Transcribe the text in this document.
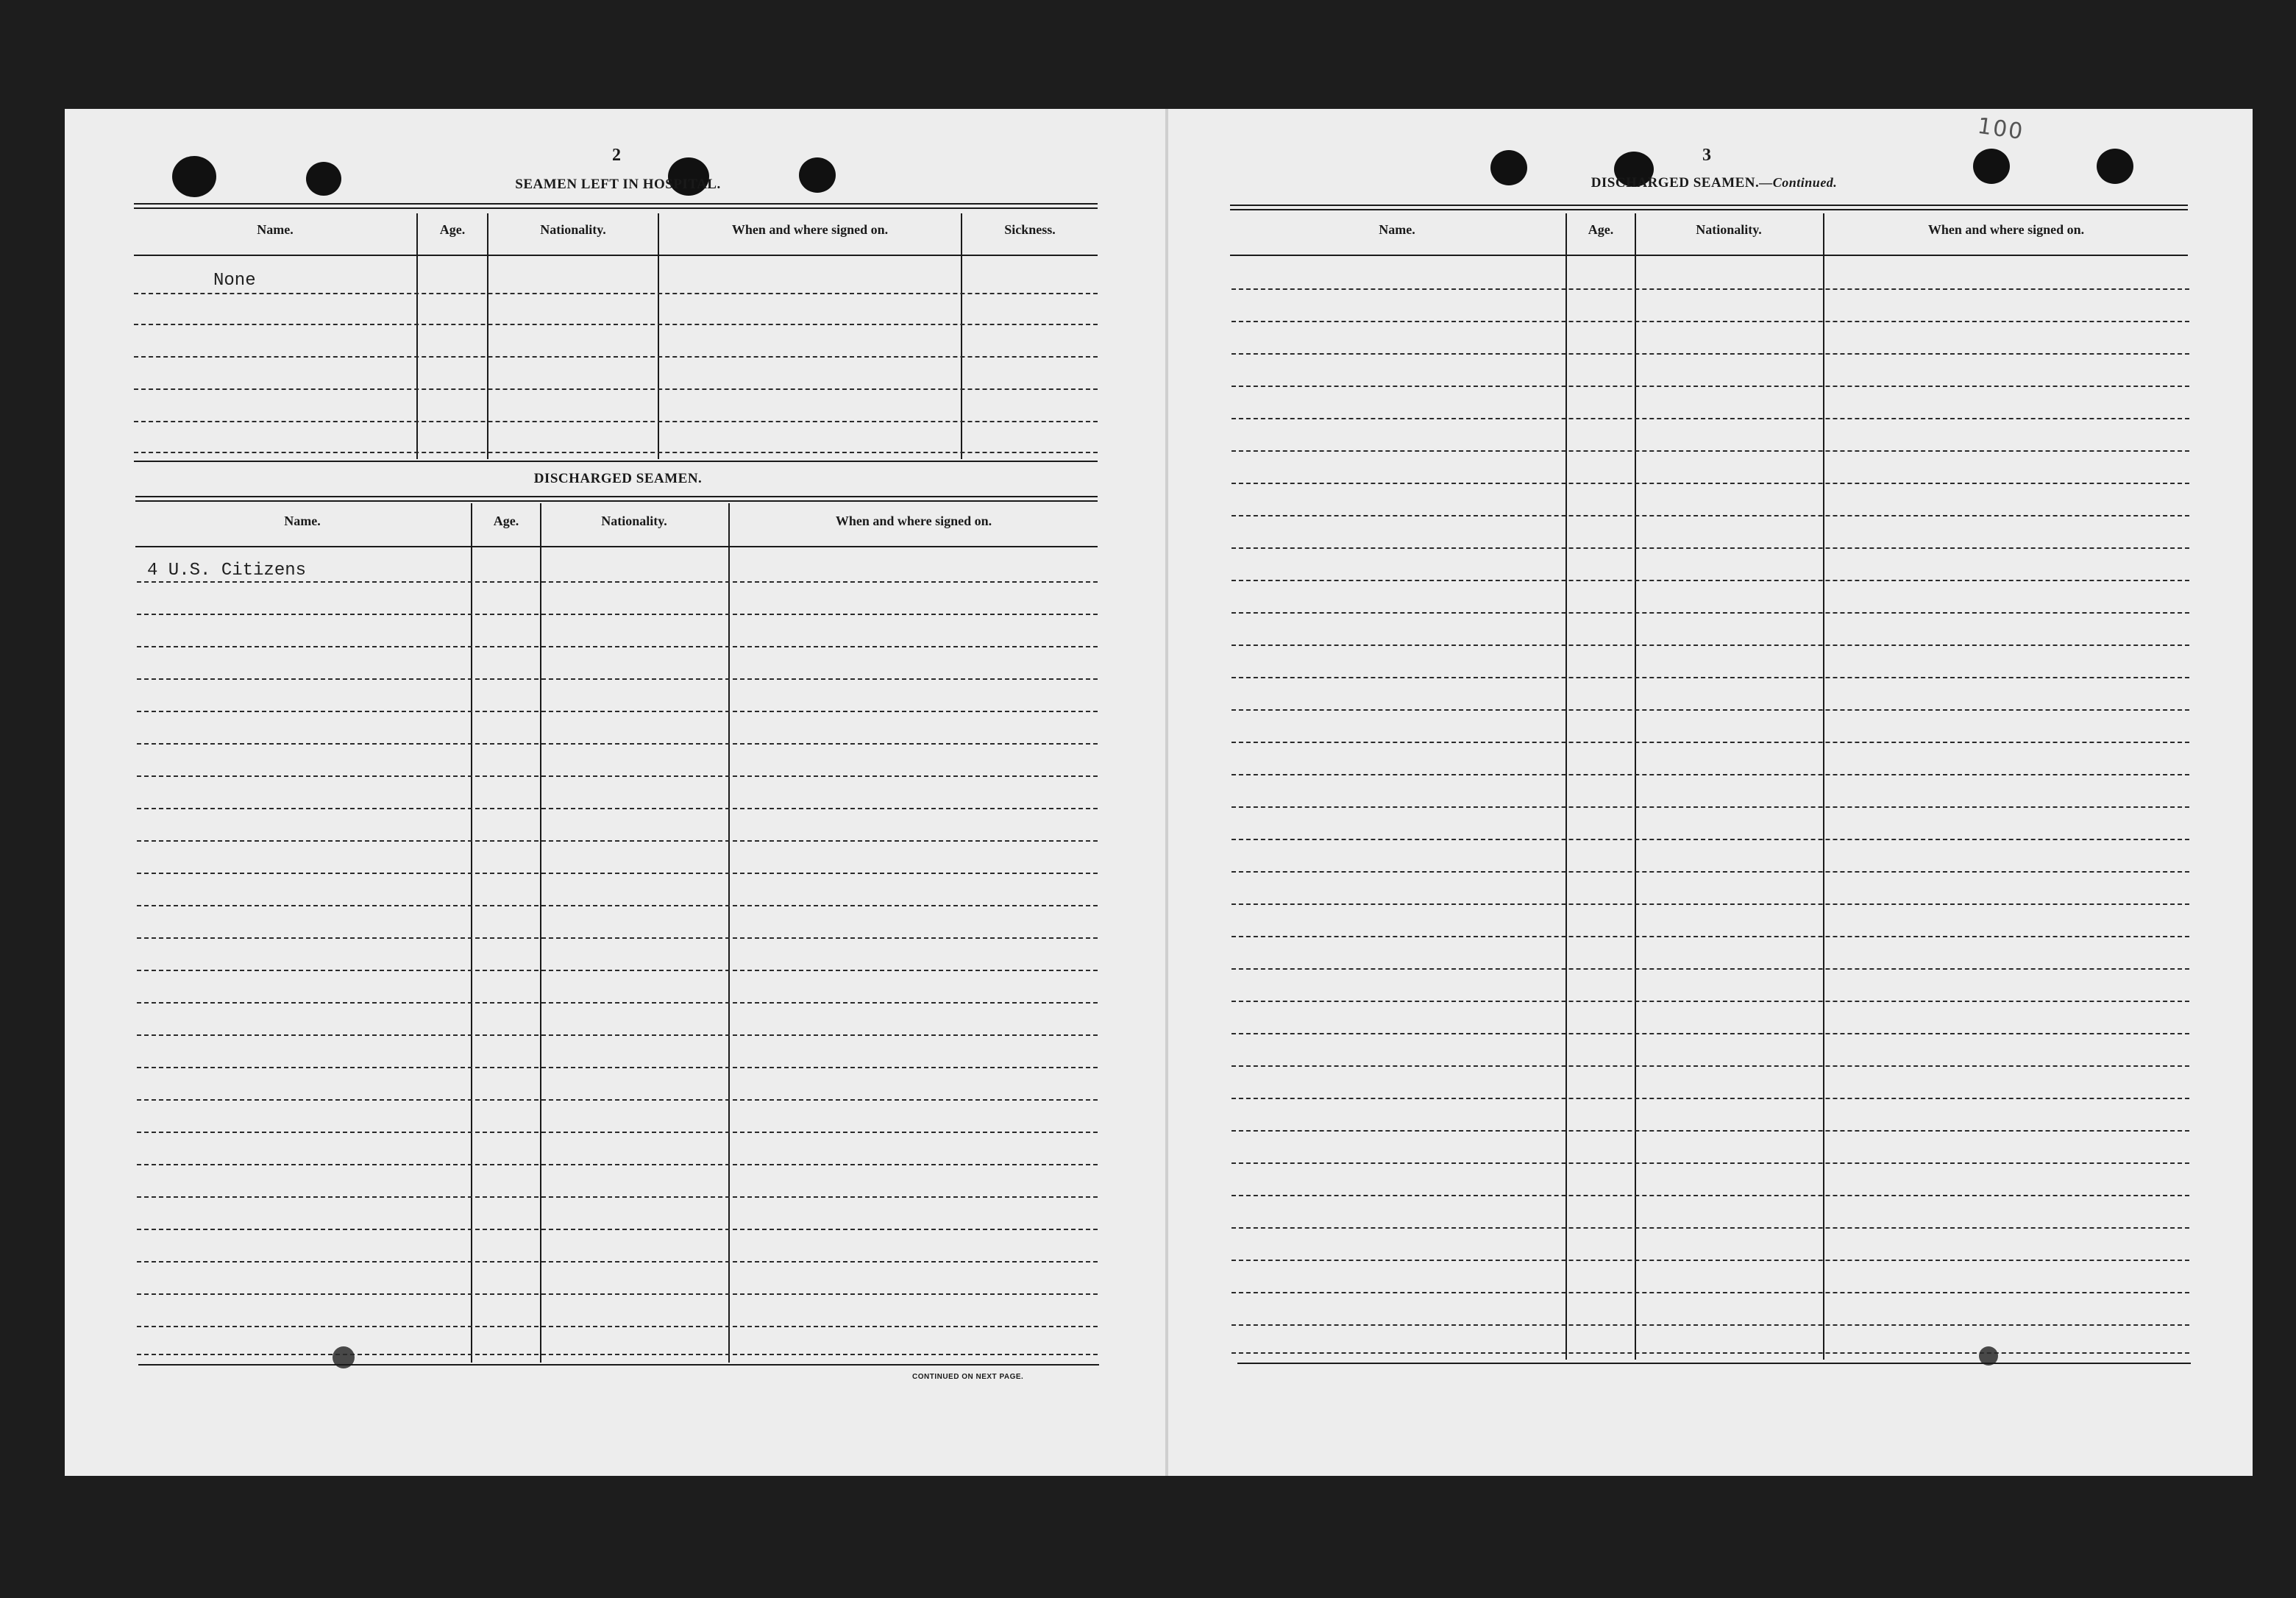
100
2
SEAMEN LEFT IN HOSPITAL.
Name.	Age.	Nationality.	When and where signed on.	Sickness.
None
DISCHARGED SEAMEN.
Name.	Age.	Nationality.	When and where signed on.
4 U.S. Citizens
CONTINUED ON NEXT PAGE.
3
DISCHARGED SEAMEN.—Continued.
Name.	Age.	Nationality.	When and where signed on.
